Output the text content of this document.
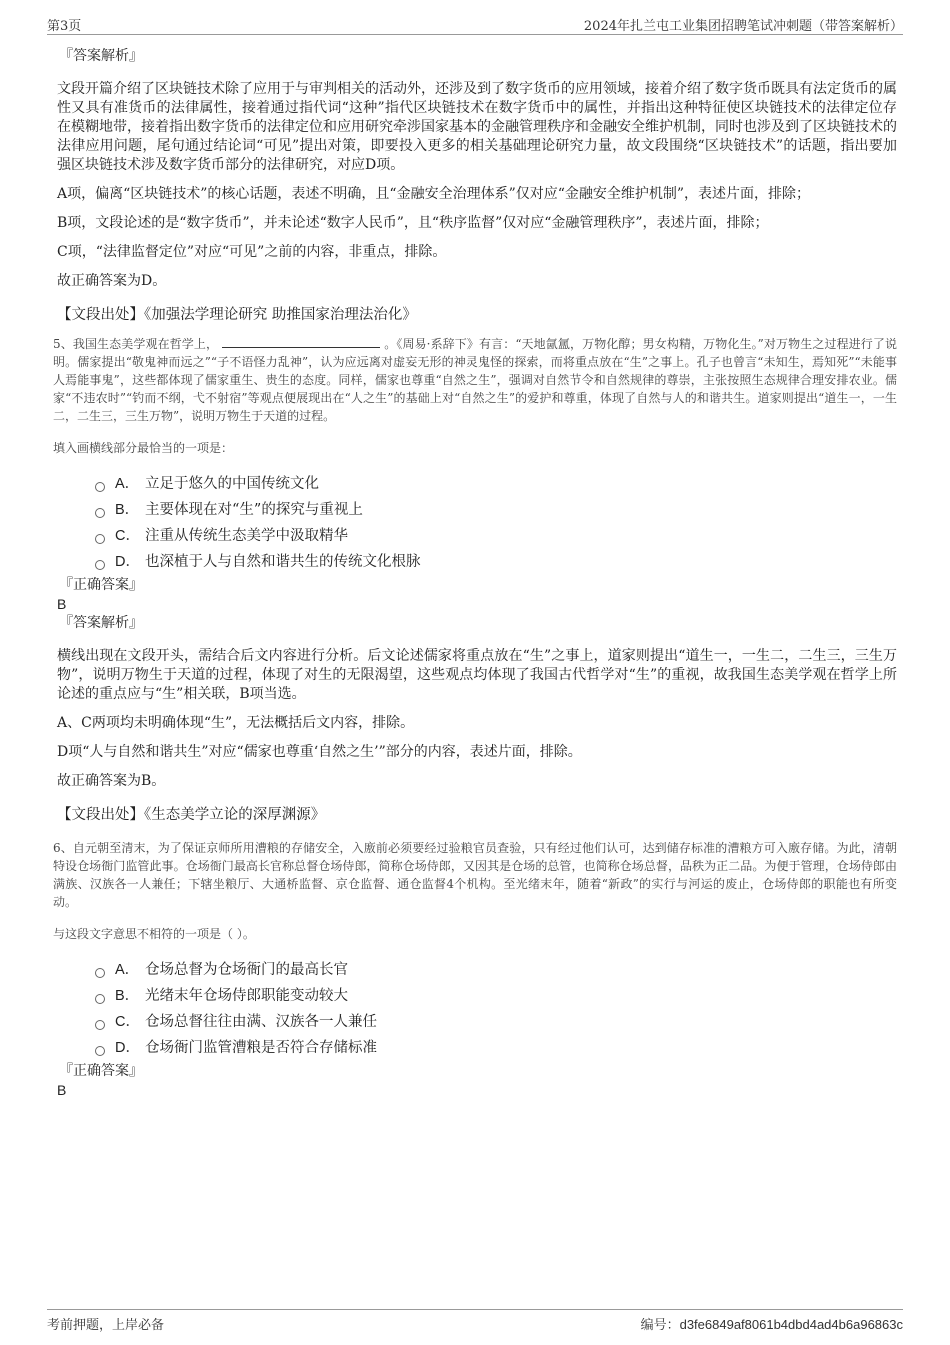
第3页	2024年扎兰屯工业集团招聘笔试冲刺题（带答案解析）
『答案解析』

文段开篇介绍了区块链技术除了应用于与审判相关的活动外，还涉及到了数字货币的应用领域，接着介绍了数字货币既具有法定货币的属性又具有准货币的法律属性，接着通过指代词“这种”指代区块链技术在数字货币中的属性，并指出这种特征使区块链技术的法律定位存在模糊地带，接着指出数字货币的法律定位和应用研究牵涉国家基本的金融管理秩序和金融安全维护机制，同时也涉及到了区块链技术的法律应用问题，尾句通过结论词“可见”提出对策，即要投入更多的相关基础理论研究力量，故文段围绕“区块链技术”的话题，指出要加强区块链技术涉及数字货币部分的法律研究，对应D项。

A项，偏离“区块链技术”的核心话题，表述不明确，且“金融安全治理体系”仅对应“金融安全维护机制”，表述片面，排除；

B项，文段论述的是“数字货币”，并未论述“数字人民币”，且“秩序监督”仅对应“金融管理秩序”，表述片面，排除；

C项，“法律监督定位”对应“可见”之前的内容，非重点，排除。

故正确答案为D。

【文段出处】《加强法学理论研究 助推国家治理法治化》

5、我国生态美学观在哲学上，	。《周易·系辞下》有言：“天地氤氲，万物化醇；男女构精，万物化生。”对万物生之过程进行了说明。儒家提出“敬鬼神而远之”“子不语怪力乱神”，认为应远离对虚妄无形的神灵鬼怪的探索，而将重点放在“生”之事上。孔子也曾言“未知生，焉知死”“未能事人焉能事鬼”，这些都体现了儒家重生、贵生的态度。同样，儒家也尊重“自然之生”，强调对自然节令和自然规律的尊崇，主张按照生态规律合理安排农业。儒家“不违农时”“钓而不纲，弋不射宿”等观点便展现出在“人之生”的基础上对“自然之生”的爱护和尊重，体现了自然与人的和谐共生。道家则提出“道生一，一生二，二生三，三生万物”，说明万物生于天道的过程。

填入画横线部分最恰当的一项是：

A． 立足于悠久的中国传统文化
B． 主要体现在对“生”的探究与重视上
C． 注重从传统生态美学中汲取精华
D． 也深植于人与自然和谐共生的传统文化根脉
『正确答案』
B
『答案解析』

横线出现在文段开头，需结合后文内容进行分析。后文论述儒家将重点放在“生”之事上，道家则提出“道生一，一生二，二生三，三生万物”，说明万物生于天道的过程，体现了对生的无限渴望，这些观点均体现了我国古代哲学对“生”的重视，故我国生态美学观在哲学上所论述的重点应与“生”相关联，B项当选。

A、C两项均未明确体现“生”，无法概括后文内容，排除。

D项“人与自然和谐共生”对应“儒家也尊重‘自然之生’”部分的内容，表述片面，排除。

故正确答案为B。

【文段出处】《生态美学立论的深厚渊源》

6、自元朝至清末，为了保证京师所用漕粮的存储安全，入廒前必须要经过验粮官员查验，只有经过他们认可，达到储存标准的漕粮方可入廒存储。为此，清朝特设仓场衙门监管此事。仓场衙门最高长官称总督仓场侍郎，简称仓场侍郎，又因其是仓场的总管，也简称仓场总督，品秩为正二品。为便于管理，仓场侍郎由满族、汉族各一人兼任；下辖坐粮厅、大通桥监督、京仓监督、通仓监督4个机构。至光绪末年，随着“新政”的实行与河运的废止，仓场侍郎的职能也有所变动。

与这段文字意思不相符的一项是（ ）。

A． 仓场总督为仓场衙门的最高长官
B． 光绪末年仓场侍郎职能变动较大
C． 仓场总督往往由满、汉族各一人兼任
D． 仓场衙门监管漕粮是否符合存储标准
『正确答案』
B
考前押题，上岸必备	编号：d3fe6849af8061b4dbd4ad4b6a96863c
